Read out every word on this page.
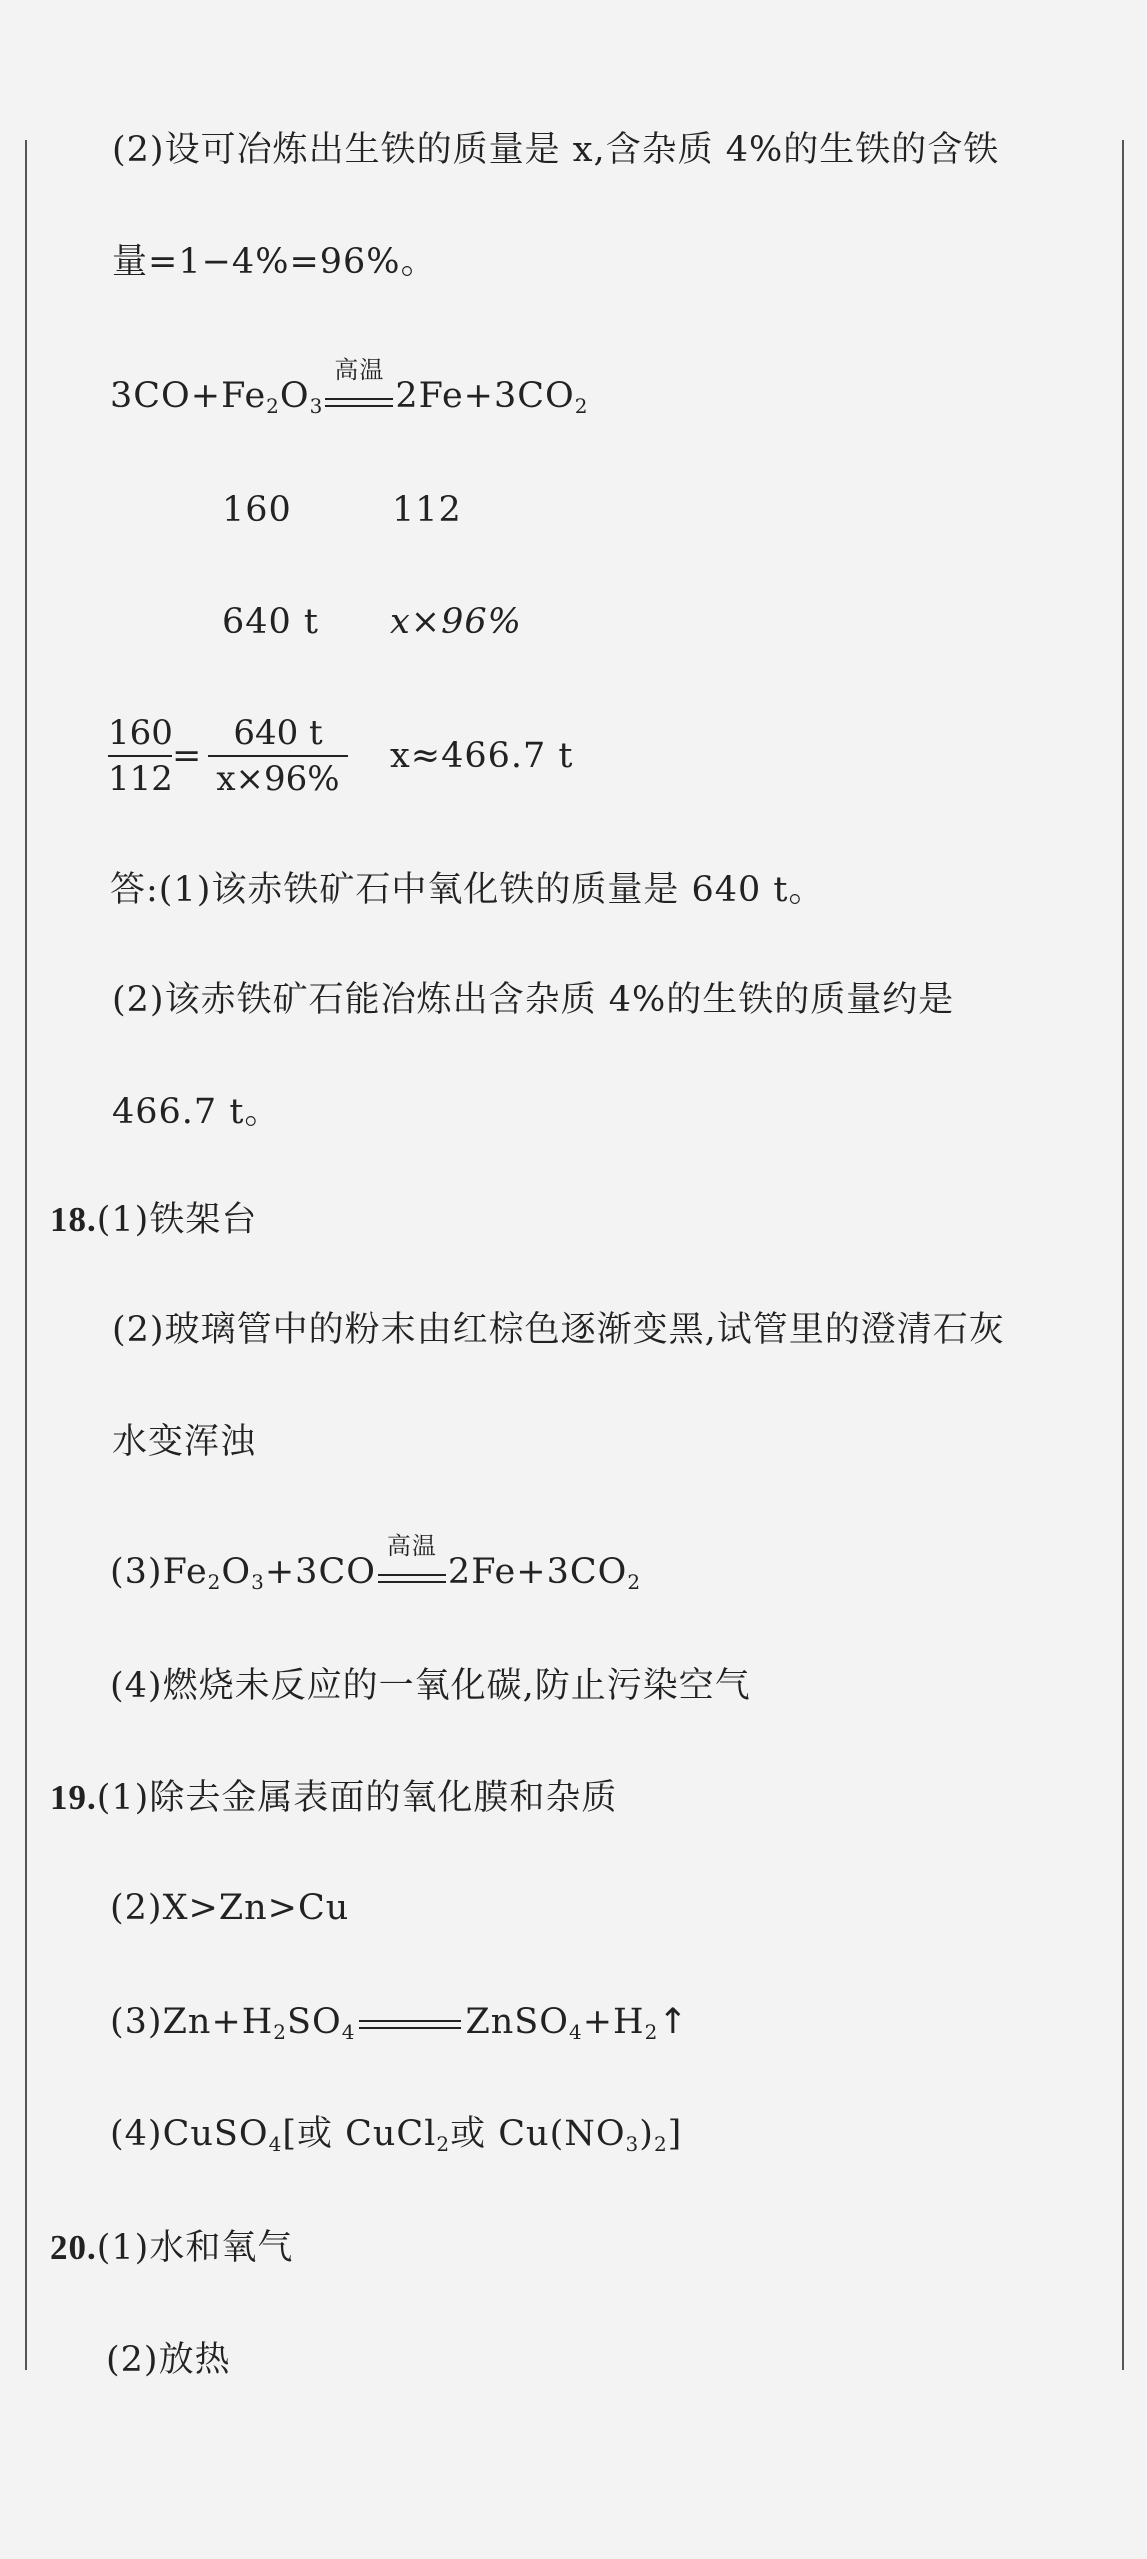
(2)设可冶炼出生铁的质量是 x,含杂质 4%的生铁的含铁
量=1−4%=96%。
$3CO+Fe_2O_3$
高温
$2Fe+3CO_2$
160	112
640 t x×96%
160
112
=
640 t
x×96%
x≈466.7 t
答:(1)该赤铁矿石中氧化铁的质量是 640 t。
(2)该赤铁矿石能冶炼出含杂质 4%的生铁的质量约是
466.7 t。
18.(1)铁架台
(2)玻璃管中的粉末由红棕色逐渐变黑,试管里的澄清石灰
水变浑浊
$(3)Fe_2O_3+3CO$
高温
$2Fe+3CO_2$
(4)燃烧未反应的一氧化碳,防止污染空气
19.(1)除去金属表面的氧化膜和杂质
(2)X>Zn>Cu
$(3)Zn+H_2SO_4$	$ZnSO_4+H_2↑$
(4)CuSO$_4$[或 CuCl$_2$或 $Cu(NO_3)_2$]
20.(1)水和氧气
(2)放热
